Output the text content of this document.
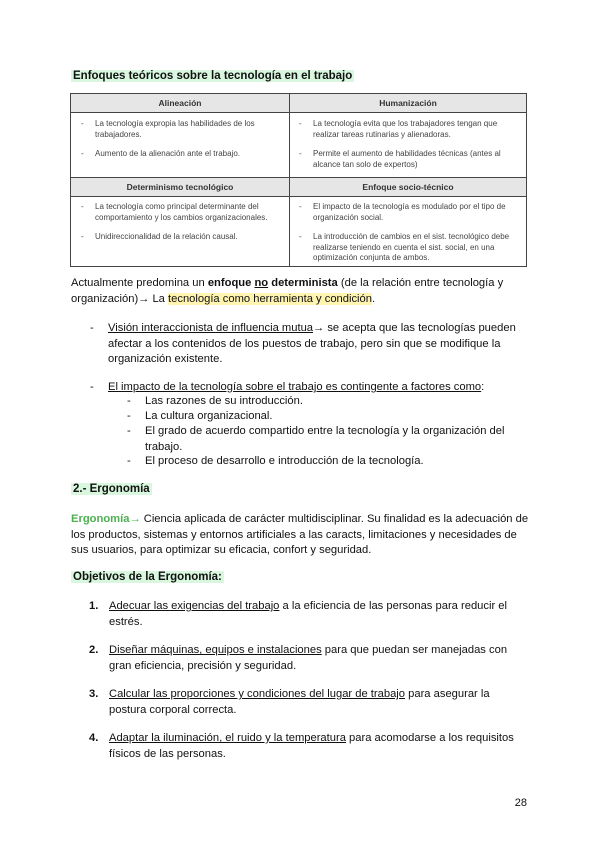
Enfoques teóricos sobre la tecnología en el trabajo
Alineación	Humanización
- La tecnología expropia las habilidades de los trabajadores.
- Aumento de la alienación ante el trabajo.
- La tecnología evita que los trabajadores tengan que realizar tareas rutinarias y alienadoras.
- Permite el aumento de habilidades técnicas (antes al alcance tan solo de expertos)
Determinismo tecnológico	Enfoque socio-técnico
- La tecnología como principal determinante del comportamiento y los cambios organizacionales.
- Unidireccionalidad de la relación causal.
- El impacto de la tecnología es modulado por el tipo de organización social.
- La introducción de cambios en el sist. tecnológico debe realizarse teniendo en cuenta el sist. social, en una optimización conjunta de ambos.
Actualmente predomina un enfoque no determinista (de la relación entre tecnología y organización)→ La tecnología como herramienta y condición.
- Visión interaccionista de influencia mutua→ se acepta que las tecnologías pueden afectar a los contenidos de los puestos de trabajo, pero sin que se modifique la organización existente.
- El impacto de la tecnología sobre el trabajo es contingente a factores como:
- Las razones de su introducción.
- La cultura organizacional.
- El grado de acuerdo compartido entre la tecnología y la organización del trabajo.
- El proceso de desarrollo e introducción de la tecnología.
2.- Ergonomía
Ergonomía→ Ciencia aplicada de carácter multidisciplinar. Su finalidad es la adecuación de los productos, sistemas y entornos artificiales a las caracts, limitaciones y necesidades de sus usuarios, para optimizar su eficacia, confort y seguridad.
Objetivos de la Ergonomía:
1. Adecuar las exigencias del trabajo a la eficiencia de las personas para reducir el estrés.
2. Diseñar máquinas, equipos e instalaciones para que puedan ser manejadas con gran eficiencia, precisión y seguridad.
3. Calcular las proporciones y condiciones del lugar de trabajo para asegurar la postura corporal correcta.
4. Adaptar la iluminación, el ruido y la temperatura para acomodarse a los requisitos físicos de las personas.
28
